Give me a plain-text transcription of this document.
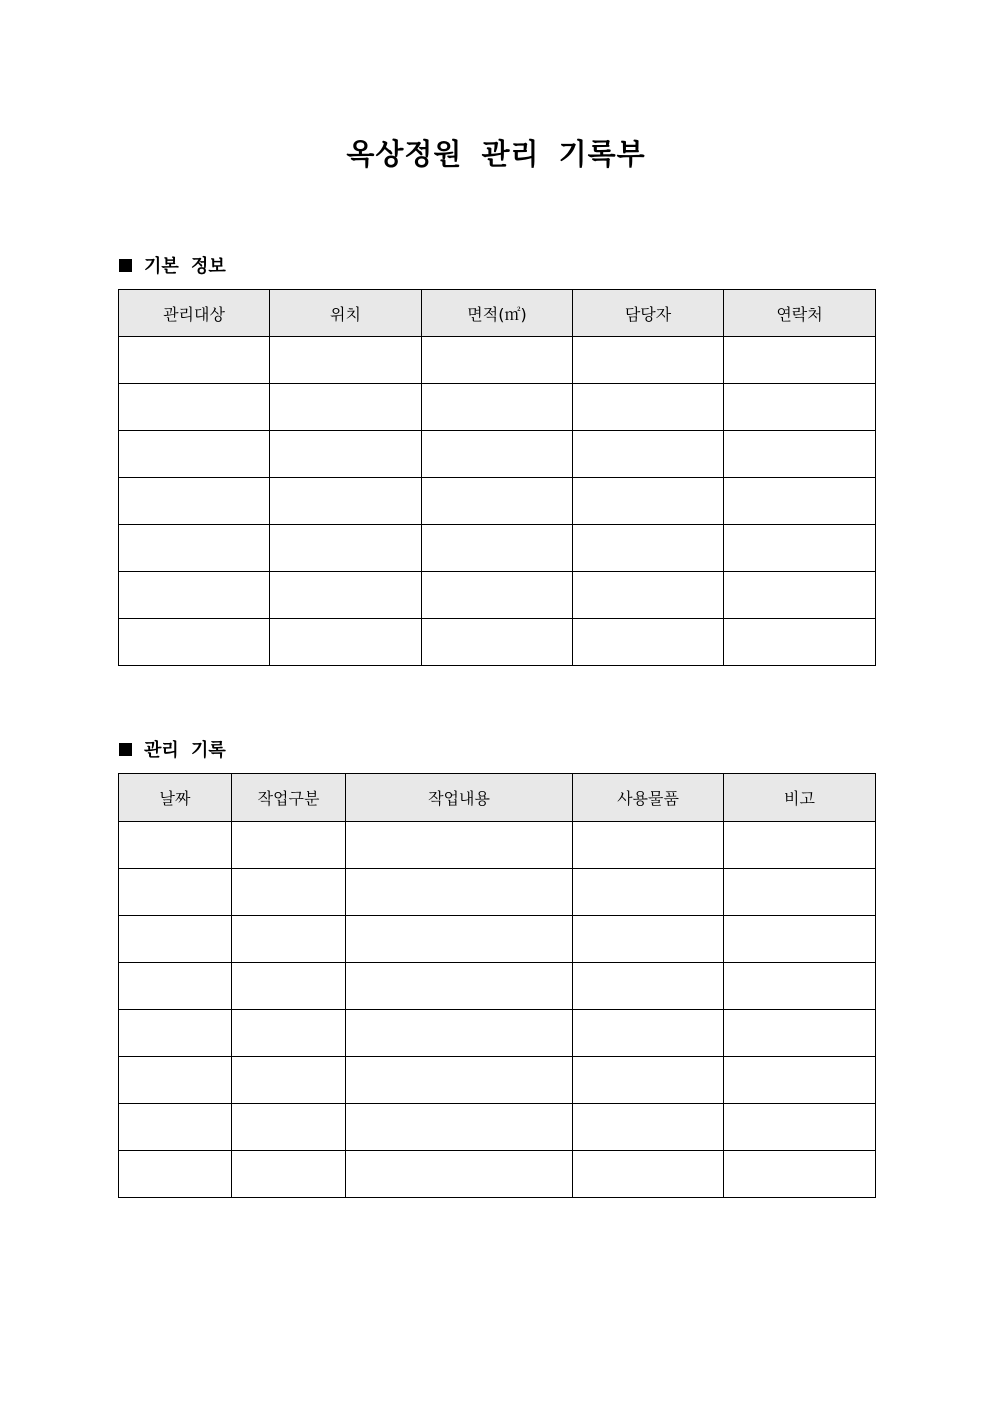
옥상정원 관리 기록부
기본 정보
관리대상	위치	면적(㎡)	담당자	연락처

관리 기록
날짜	작업구분	작업내용	사용물품	비고
